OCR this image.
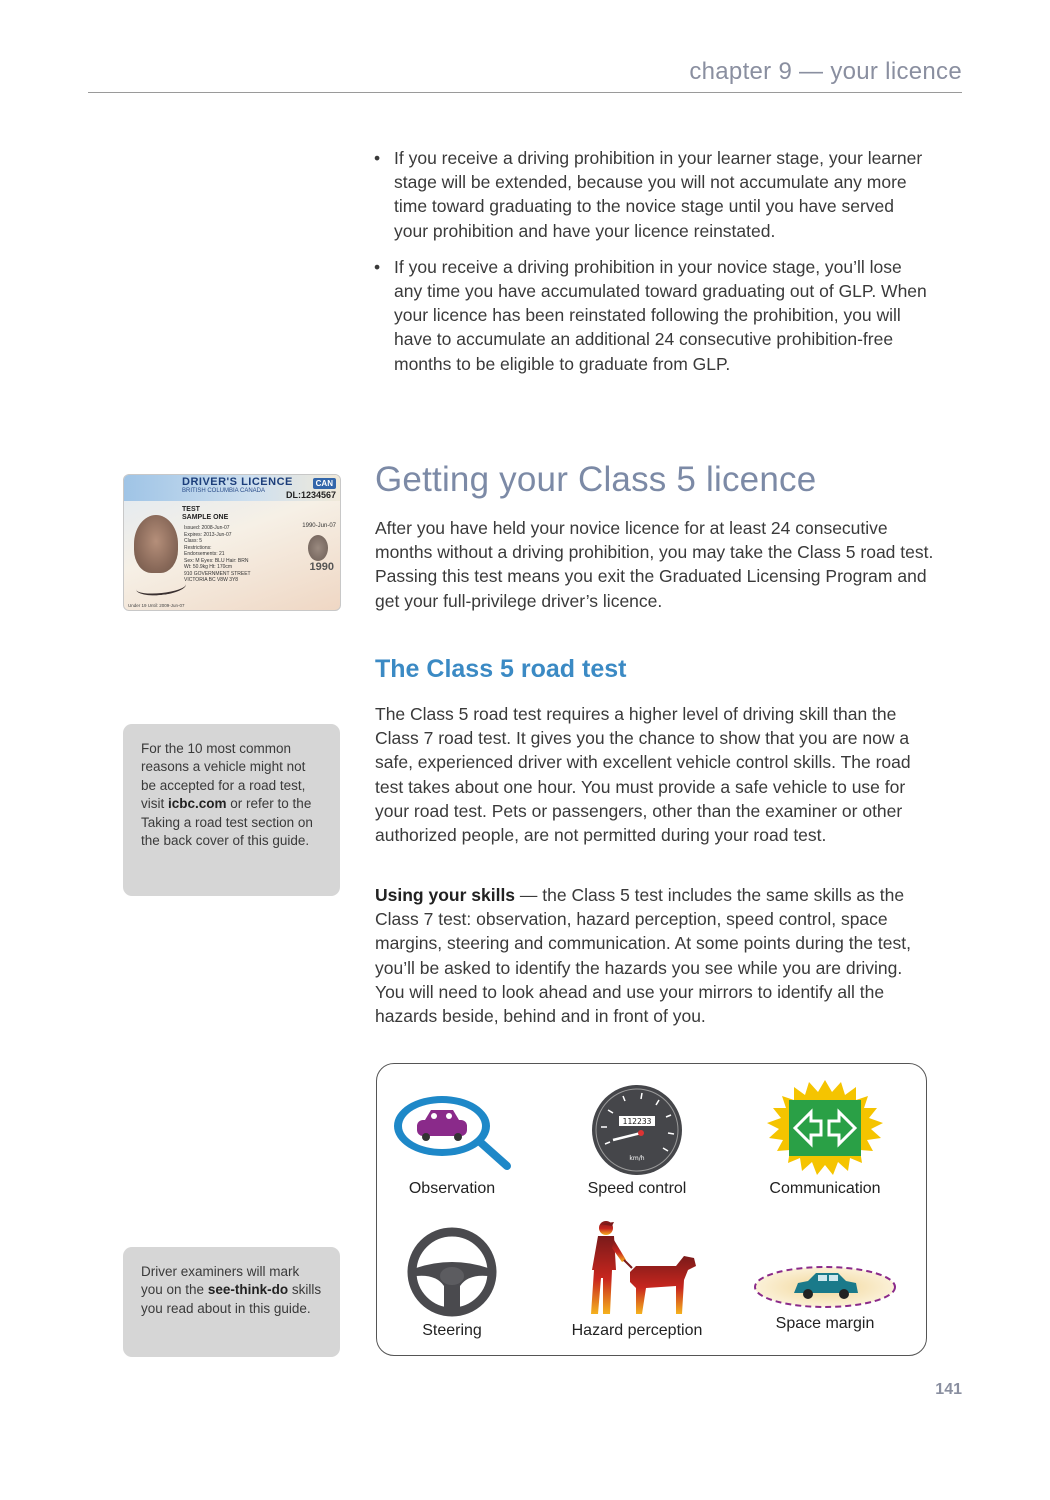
chapter 9 — your licence
• If you receive a driving prohibition in your learner stage, your learner stage will be extended, because you will not accumulate any more time toward graduating to the novice stage until you have served your prohibition and have your licence reinstated.
• If you receive a driving prohibition in your novice stage, you’ll lose any time you have accumulated toward graduating out of GLP. When your licence has been reinstated following the prohibition, you will have to accumulate an additional 24 consecutive prohibition-free months to be eligible to graduate from GLP.
DRIVER'S LICENCE	CAN
BRITISH COLUMBIA CANADA DL:1234567
TEST
SAMPLE ONE
Issued: 2008-Jun-07
Expires: 2013-Jun-07
Class: 5
Restrictions:
Endorsements: 21
Sex: M Eyes: BLU Hair: BRN
Wt: 50.9kg Ht: 170cm
910 GOVERNMENT STREET
VICTORIA BC V8W 3Y8
1990-Jun-07
1990
Under 19 Until: 2009-Jun-07
Getting your Class 5 licence

After you have held your novice licence for at least 24 consecutive months without a driving prohibition, you may take the Class 5 road test. Passing this test means you exit the Graduated Licensing Program and get your full-privilege driver’s licence.

The Class 5 road test

The Class 5 road test requires a higher level of driving skill than the Class 7 road test. It gives you the chance to show that you are now a safe, experienced driver with excellent vehicle control skills. The road test takes about one hour. You must provide a safe vehicle to use for your road test. Pets or passengers, other than the examiner or other authorized people, are not permitted during your road test.

Using your skills — the Class 5 test includes the same skills as the Class 7 test: observation, hazard perception, speed control, space margins, steering and communication. At some points during the test, you’ll be asked to identify the hazards you see while you are driving. You will need to look ahead and use your mirrors to identify all the hazards beside, behind and in front of you.

For the 10 most common reasons a vehicle might not be accepted for a road test, visit icbc.com or refer to the Taking a road test section on the back cover of this guide.
Driver examiners will mark you on the see-think-do skills you read about in this guide.
Observation
112233
km/h
Speed control	Communication
Steering	Hazard perception	Space margin
141
